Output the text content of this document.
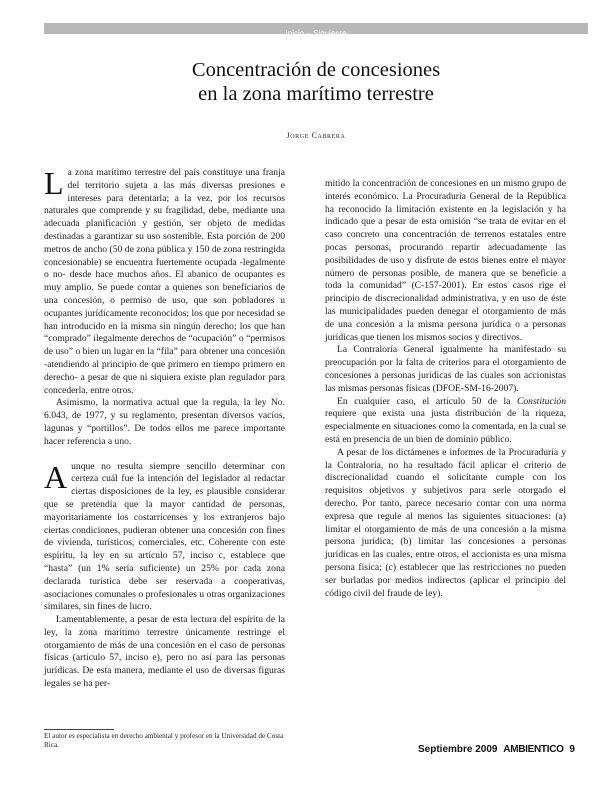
Inicio – Siguiente
Concentración de concesiones
en la zona marítimo terrestre
Jorge Cabrera

La zona marítimo terrestre del país constituye una franja del territorio sujeta a las más diversas presiones e intereses para detentarla; a la vez, por los recursos naturales que comprende y su fragilidad, debe, mediante una adecuada planificación y gestión, ser objeto de medidas destinadas a garantizar su uso sostenible. Esta porción de 200 metros de ancho (50 de zona pública y 150 de zona restringida concesionable) se encuentra fuertemente ocupada -legalmente o no- desde hace muchos años. El abanico de ocupantes es muy amplio. Se puede contar a quienes son beneficiarios de una concesión, o permiso de uso, que son pobladores u ocupantes jurídicamente reconocidos; los que por necesidad se han introducido en la misma sin ningún derecho; los que han “comprado” ilegalmente derechos de “ocupación” o “permisos de uso” o bien un lugar en la “fila” para obtener una concesión -atendiendo al principio de que primero en tiempo primero en derecho- a pesar de que ni siquiera existe plan regulador para concederla, entre otros.

Asimismo, la normativa actual que la regula, la ley No. 6.043, de 1977, y su reglamento, presentan diversos vacíos, lagunas y “portillos”. De todos ellos me parece importante hacer referencia a uno.

Aunque no resulta siempre sencillo determinar con certeza cuál fue la intención del legislador al redactar ciertas disposiciones de la ley, es plausible considerar que se pretendía que la mayor cantidad de personas, mayoritariamente los costarricenses y los extranjeros bajo ciertas condiciones, pudieran obtener una concesión con fines de vivienda, turísticos, comerciales, etc. Coherente con este espíritu, la ley en su artículo 57, inciso c, establece que “hasta” (un 1% sería suficiente) un 25% por cada zona declarada turística debe ser reservada a cooperativas, asociaciones comunales o profesionales u otras organizaciones similares, sin fines de lucro.

Lamentablemente, a pesar de esta lectura del espíritu de la ley, la zona marítimo terrestre únicamente restringe el otorgamiento de más de una concesión en el caso de personas físicas (artículo 57, inciso e), pero no así para las personas jurídicas. De esta manera, mediante el uso de diversas figuras legales se ha per-

mitido la concentración de concesiones en un mismo grupo de interés económico. La Procuraduría General de la República ha reconocido la limitación existente en la legislación y ha indicado que a pesar de esta omisión “se trata de evitar en el caso concreto una concentración de terrenos estatales entre pocas personas, procurando repartir adecuadamente las posibilidades de uso y disfrute de estos bienes entre el mayor número de personas posible, de manera que se beneficie a toda la comunidad” (C-157-2001). En estos casos rige el principio de discrecionalidad administrativa, y en uso de éste las municipalidades pueden denegar el otorgamiento de más de una concesión a la misma persona jurídica o a personas jurídicas que tienen los mismos socios y directivos.

La Contraloría General igualmente ha manifestado su preocupación por la falta de criterios para el otorgamiento de concesiones a personas jurídicas de las cuales son accionistas las mismas personas físicas (DFOE-SM-16-2007).

En cualquier caso, el artículo 50 de la Constitución requiere que exista una justa distribución de la riqueza, especialmente en situaciones como la comentada, en la cual se está en presencia de un bien de dominio público.

A pesar de los dictámenes e informes de la Procuraduría y la Contraloría, no ha resultado fácil aplicar el criterio de discrecionalidad cuando el solicitante cumple con los requisitos objetivos y subjetivos para serle otorgado el derecho. Por tanto, parece necesario contar con una norma expresa que regule al menos las siguientes situaciones: (a) limitar el otorgamiento de más de una concesión a la misma persona jurídica; (b) limitar las concesiones a personas jurídicas en las cuales, entre otros, el accionista es una misma persona física; (c) establecer que las restricciones no pueden ser burladas por medios indirectos (aplicar el principio del código civil del fraude de ley).

El autor es especialista en derecho ambiental y profesor en la Universidad de Costa Rica.	Septiembre 2009 AMBIENTICO 9
